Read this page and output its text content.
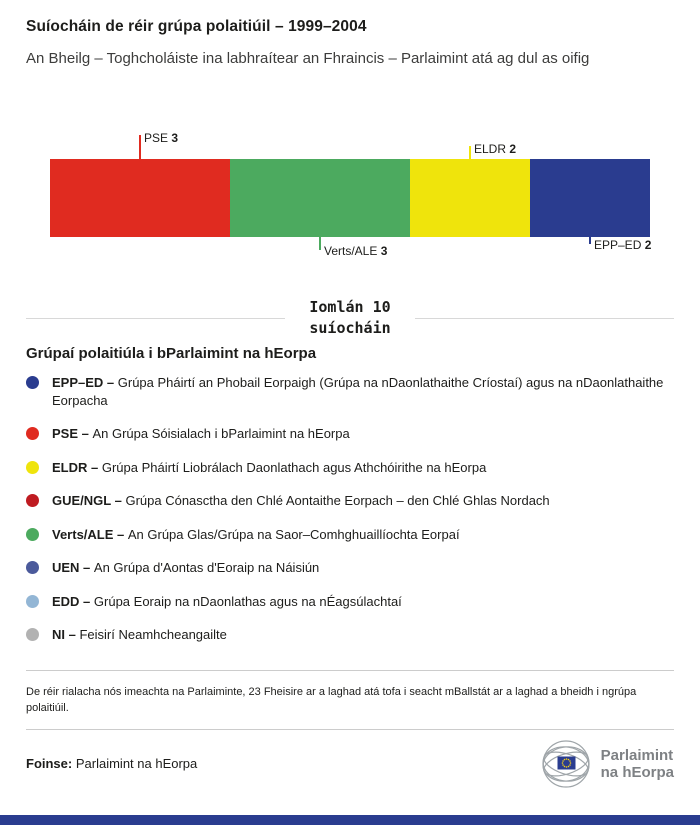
Suíocháin de réir grúpa polaitiúil – 1999–2004

An Bheilg – Toghcholáiste ina labhraítear an Fhraincis – Parlaimint atá ag dul as oifig

PSE 3
Verts/ALE 3
ELDR 2
EPP–ED 2
Iomlán 10
suíocháin
Grúpaí polaitiúla i bParlaimint na hEorpa
EPP–ED – Grúpa Pháirtí an Phobail Eorpaigh (Grúpa na nDaonlathaithe Críostaí) agus na nDaonlathaithe Eorpacha
PSE – An Grúpa Sóisialach i bParlaimint na hEorpa
ELDR – Grúpa Pháirtí Liobrálach Daonlathach agus Athchóirithe na hEorpa
GUE/NGL – Grúpa Cónasctha den Chlé Aontaithe Eorpach – den Chlé Ghlas Nordach
Verts/ALE – An Grúpa Glas/Grúpa na Saor–Comhghuaillíochta Eorpaí
UEN – An Grúpa d'Aontas d'Eoraip na Náisiún
EDD – Grúpa Eoraip na nDaonlathas agus na nÉagsúlachtaí
NI – Feisirí Neamhcheangailte

De réir rialacha nós imeachta na Parlaiminte, 23 Fheisire ar a laghad atá tofa i seacht mBallstát ar a laghad a bheidh i ngrúpa polaitiúil.

Foinse: Parlaimint na hEorpa

Parlaimint
na hEorpa
